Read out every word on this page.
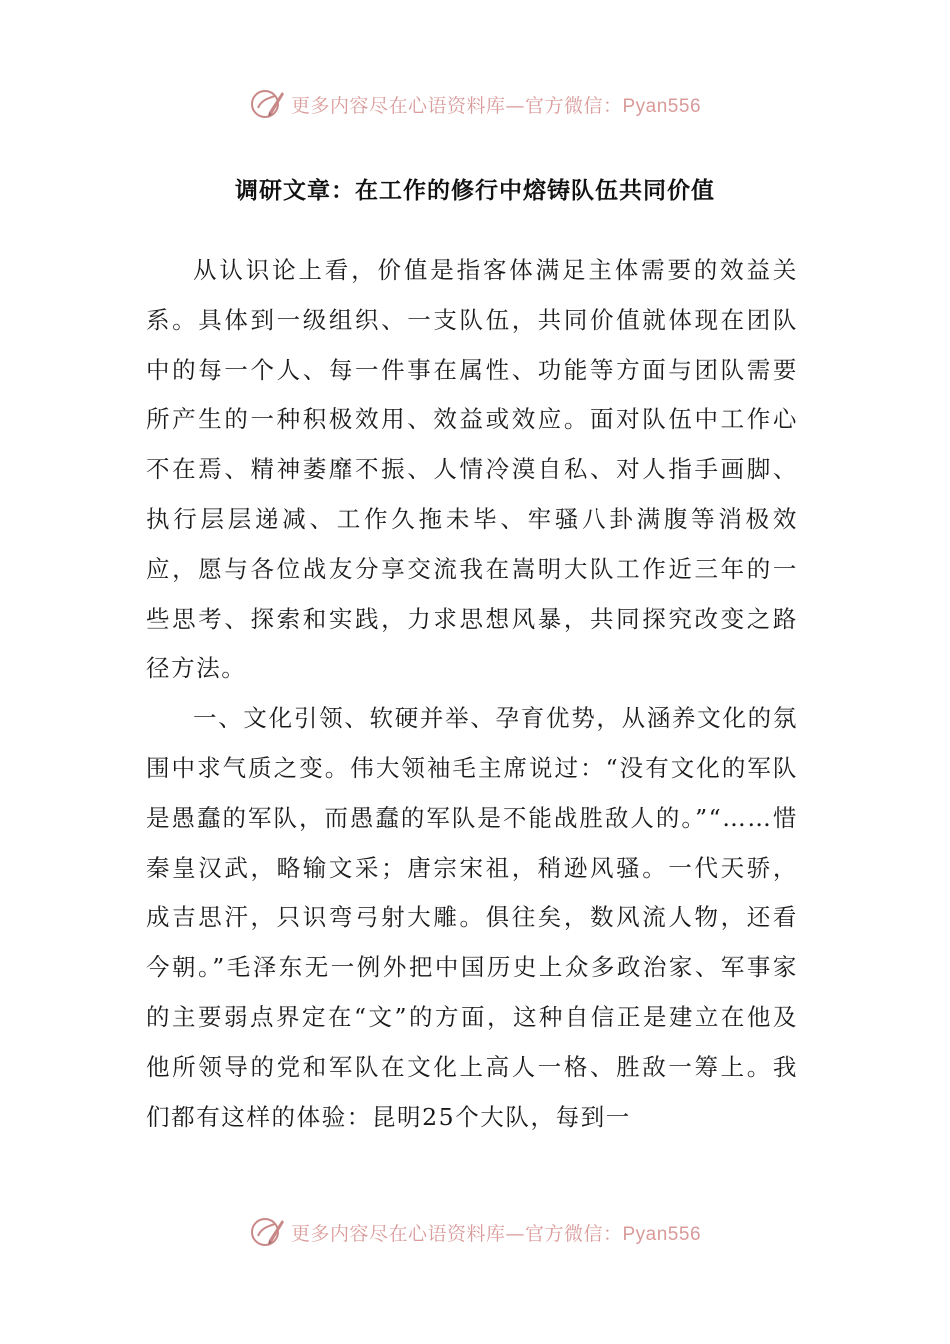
更多内容尽在心语资料库—官方微信：Pyan556
调研文章：在工作的修行中熔铸队伍共同价值

从认识论上看，价值是指客体满足主体需要的效益关系。具体到一级组织、一支队伍，共同价值就体现在团队中的每一个人、每一件事在属性、功能等方面与团队需要所产生的一种积极效用、效益或效应。面对队伍中工作心不在焉、精神萎靡不振、人情冷漠自私、对人指手画脚、执行层层递减、工作久拖未毕、牢骚八卦满腹等消极效应，愿与各位战友分享交流我在嵩明大队工作近三年的一些思考、探索和实践，力求思想风暴，共同探究改变之路径方法。

一、文化引领、软硬并举、孕育优势，从涵养文化的氛围中求气质之变。伟大领袖毛主席说过：“没有文化的军队是愚蠢的军队，而愚蠢的军队是不能战胜敌人的。”“……惜秦皇汉武，略输文采；唐宗宋祖，稍逊风骚。一代天骄，成吉思汗，只识弯弓射大雕。俱往矣，数风流人物，还看今朝。”毛泽东无一例外把中国历史上众多政治家、军事家的主要弱点界定在“文”的方面，这种自信正是建立在他及他所领导的党和军队在文化上高人一格、胜敌一筹上。我们都有这样的体验：昆明25个大队，每到一

更多内容尽在心语资料库—官方微信：Pyan556
